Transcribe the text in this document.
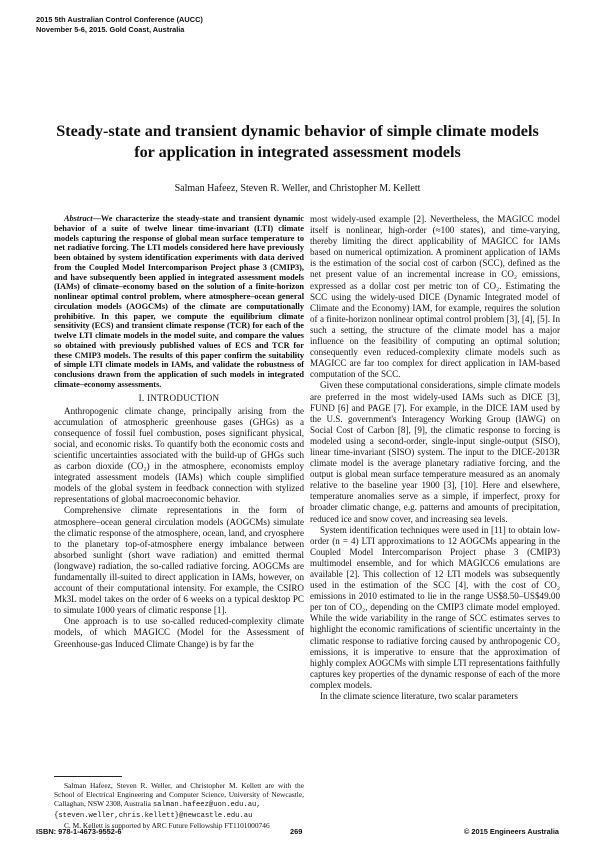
2015 5th Australian Control Conference (AUCC)
November 5-6, 2015. Gold Coast, Australia
Steady-state and transient dynamic behavior of simple climate models
for application in integrated assessment models
Salman Hafeez, Steven R. Weller, and Christopher M. Kellett

Abstract—We characterize the steady-state and transient dynamic behavior of a suite of twelve linear time-invariant (LTI) climate models capturing the response of global mean surface temperature to net radiative forcing. The LTI models considered here have previously been obtained by system identification experiments with data derived from the Coupled Model Intercomparison Project phase 3 (CMIP3), and have subsequently been applied in integrated assessment models (IAMs) of climate–economy based on the solution of a finite-horizon nonlinear optimal control problem, where atmosphere–ocean general circulation models (AOGCMs) of the climate are computationally prohibitive. In this paper, we compute the equilibrium climate sensitivity (ECS) and transient climate response (TCR) for each of the twelve LTI climate models in the model suite, and compare the values so obtained with previously published values of ECS and TCR for these CMIP3 models. The results of this paper confirm the suitability of simple LTI climate models in IAMs, and validate the robustness of conclusions drawn from the application of such models in integrated climate–economy assessments.

I. INTRODUCTION

Anthropogenic climate change, principally arising from the accumulation of atmospheric greenhouse gases (GHGs) as a consequence of fossil fuel combustion, poses significant physical, social, and economic risks. To quantify both the economic costs and scientific uncertainties associated with the build-up of GHGs such as carbon dioxide (CO₂) in the atmosphere, economists employ integrated assessment models (IAMs) which couple simplified models of the global system in feedback connection with stylized representations of global macroeconomic behavior.

Comprehensive climate representations in the form of atmosphere–ocean general circulation models (AOGCMs) simulate the climatic response of the atmosphere, ocean, land, and cryosphere to the planetary top-of-atmosphere energy imbalance between absorbed sunlight (short wave radiation) and emitted thermal (longwave) radiation, the so-called radiative forcing. AOGCMs are fundamentally ill-suited to direct application in IAMs, however, on account of their computational intensity. For example, the CSIRO Mk3L model takes on the order of 6 weeks on a typical desktop PC to simulate 1000 years of climatic response [1].

One approach is to use so-called reduced-complexity climate models, of which MAGICC (Model for the Assessment of Greenhouse-gas Induced Climate Change) is by far the

most widely-used example [2]. Nevertheless, the MAGICC model itself is nonlinear, high-order (≈100 states), and time-varying, thereby limiting the direct applicability of MAGICC for IAMs based on numerical optimization. A prominent application of IAMs is the estimation of the social cost of carbon (SCC), defined as the net present value of an incremental increase in CO₂ emissions, expressed as a dollar cost per metric ton of CO₂. Estimating the SCC using the widely-used DICE (Dynamic Integrated model of Climate and the Economy) IAM, for example, requires the solution of a finite-horizon nonlinear optimal control problem [3], [4], [5]. In such a setting, the structure of the climate model has a major influence on the feasibility of computing an optimal solution; consequently even reduced-complexity climate models such as MAGICC are far too complex for direct application in IAM-based computation of the SCC.

Given these computational considerations, simple climate models are preferred in the most widely-used IAMs such as DICE [3], FUND [6] and PAGE [7]. For example, in the DICE IAM used by the U.S. government's Interagency Working Group (IAWG) on Social Cost of Carbon [8], [9], the climatic response to forcing is modeled using a second-order, single-input single-output (SISO), linear time-invariant (SISO) system. The input to the DICE-2013R climate model is the average planetary radiative forcing, and the output is global mean surface temperature measured as an anomaly relative to the baseline year 1900 [3], [10]. Here and elsewhere, temperature anomalies serve as a simple, if imperfect, proxy for broader climatic change, e.g. patterns and amounts of precipitation, reduced ice and snow cover, and increasing sea levels.

System identification techniques were used in [11] to obtain low-order (n = 4) LTI approximations to 12 AOGCMs appearing in the Coupled Model Intercomparison Project phase 3 (CMIP3) multimodel ensemble, and for which MAGICC6 emulations are available [2]. This collection of 12 LTI models was subsequently used in the estimation of the SCC [4], with the cost of CO₂ emissions in 2010 estimated to lie in the range US$8.50–US$49.00 per ton of CO₂, depending on the CMIP3 climate model employed. While the wide variability in the range of SCC estimates serves to highlight the economic ramifications of scientific uncertainty in the climatic response to radiative forcing caused by anthropogenic CO₂ emissions, it is imperative to ensure that the approximation of highly complex AOGCMs with simple LTI representations faithfully captures key properties of the dynamic response of each of the more complex models.

In the climate science literature, two scalar parameters

Salman Hafeez, Steven R. Weller, and Christopher M. Kellett are with the School of Electrical Engineering and Computer Science, University of Newcastle, Callaghan, NSW 2308, Australia salman.hafeez@uon.edu.au,
{steven.weller,chris.kellett}@newcastle.edu.au

C. M. Kellett is supported by ARC Future Fellowship FT1101000746

ISBN: 978-1-4673-9552-6	269	© 2015 Engineers Australia
